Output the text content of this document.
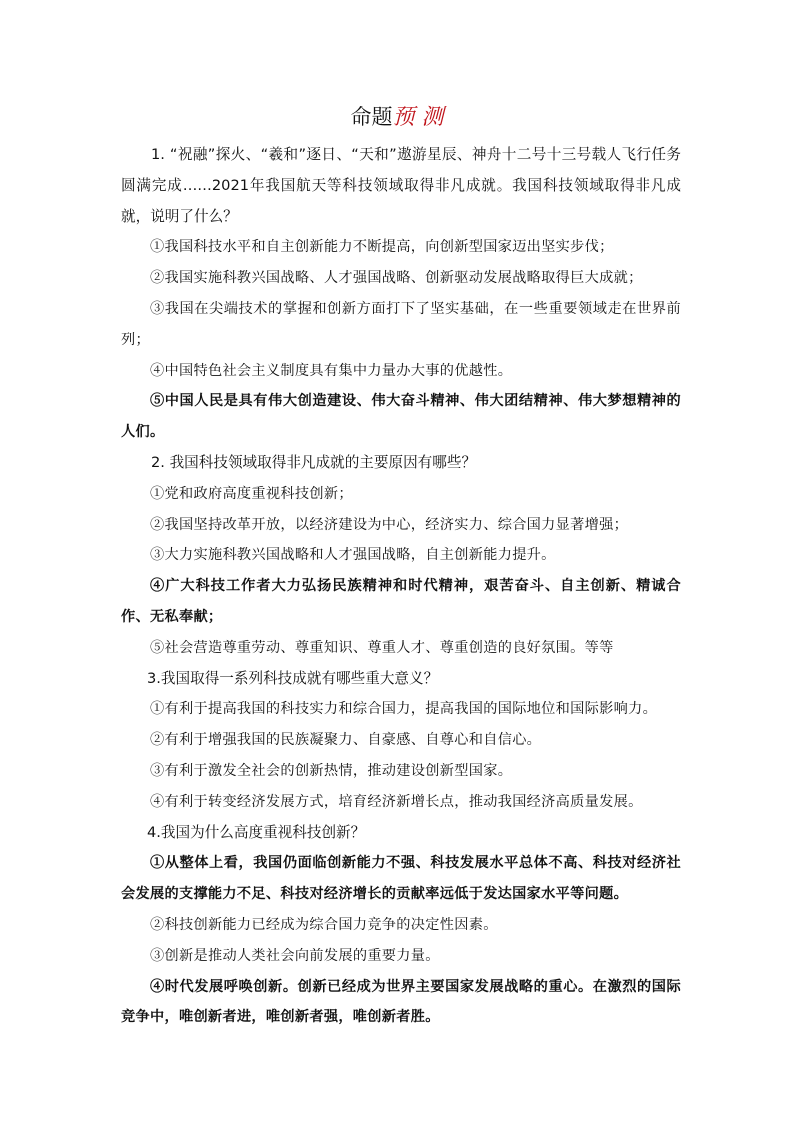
命题预 测

1. “祝融”探火、“羲和”逐日、“天和”遨游星辰、神舟十二号十三号载人飞行任务圆满完成……2021年我国航天等科技领域取得非凡成就。我国科技领域取得非凡成就，说明了什么？

①我国科技水平和自主创新能力不断提高，向创新型国家迈出坚实步伐；

②我国实施科教兴国战略、人才强国战略、创新驱动发展战略取得巨大成就；

③我国在尖端技术的掌握和创新方面打下了坚实基础，在一些重要领域走在世界前列；

④中国特色社会主义制度具有集中力量办大事的优越性。

⑤中国人民是具有伟大创造建设、伟大奋斗精神、伟大团结精神、伟大梦想精神的人们。

2. 我国科技领域取得非凡成就的主要原因有哪些？

①党和政府高度重视科技创新；

②我国坚持改革开放，以经济建设为中心，经济实力、综合国力显著增强；

③大力实施科教兴国战略和人才强国战略，自主创新能力提升。

④广大科技工作者大力弘扬民族精神和时代精神，艰苦奋斗、自主创新、精诚合作、无私奉献；

⑤社会营造尊重劳动、尊重知识、尊重人才、尊重创造的良好氛围。等等

3.我国取得一系列科技成就有哪些重大意义？

①有利于提高我国的科技实力和综合国力，提高我国的国际地位和国际影响力。

②有利于增强我国的民族凝聚力、自豪感、自尊心和自信心。

③有利于激发全社会的创新热情，推动建设创新型国家。

④有利于转变经济发展方式，培育经济新增长点，推动我国经济高质量发展。

4.我国为什么高度重视科技创新？

①从整体上看，我国仍面临创新能力不强、科技发展水平总体不高、科技对经济社会发展的支撑能力不足、科技对经济增长的贡献率远低于发达国家水平等问题。

②科技创新能力已经成为综合国力竞争的决定性因素。

③创新是推动人类社会向前发展的重要力量。

④时代发展呼唤创新。创新已经成为世界主要国家发展战略的重心。在激烈的国际竞争中，唯创新者进，唯创新者强，唯创新者胜。
